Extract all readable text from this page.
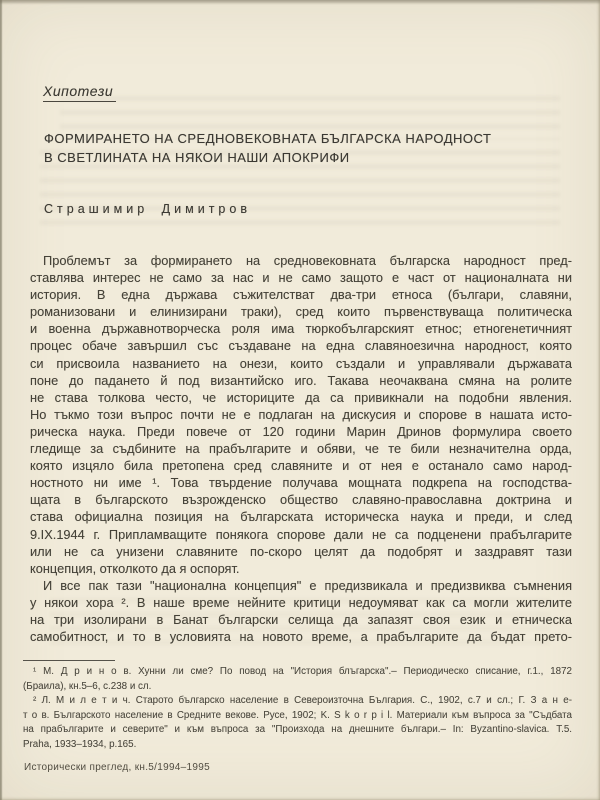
Хипотези
ФОРМИРАНЕТО НА СРЕДНОВЕКОВНАТА БЪЛГАРСКА НАРОДНОСТ
В СВЕТЛИНАТА НА НЯКОИ НАШИ АПОКРИФИ
Страшимир Димитров
Проблемът за формирането на средновековната българска народност пред-
ставлява интерес не само за нас и не само защото е част от националната ни
история. В една държава съжителстват два-три етноса (българи, славяни,
романизовани и елинизирани траки), сред които първенствуваща политическа
и военна държавнотворческа роля има тюркобългарският етнос; етногенетичният
процес обаче завършил със създаване на една славяноезична народност, която
си присвоила названието на онези, които създали и управлявали държавата
поне до падането й под византийско иго. Такава неочаквана смяна на ролите
не става толкова често, че историците да са привикнали на подобни явления.
Но тъкмо този въпрос почти не е подлаган на дискусия и спорове в нашата исто-
рическа наука. Преди повече от 120 години Марин Дринов формулира своето
гледище за съдбините на прабългарите и обяви, че те били незначителна орда,
която изцяло била претопена сред славяните и от нея е останало само народ-
ностното ни име ¹. Това твърдение получава мощната подкрепа на господства-
щата в българското възрожденско общество славяно-православна доктрина и
става официална позиция на българската историческа наука и преди, и след
9.IX.1944 г. Припламващите понякога спорове дали не са подценени прабългарите
или не са унизени славяните по-скоро целят да подобрят и заздравят тази
концепция, отколкото да я оспорят.
И все пак тази "национална концепция" е предизвикала и предизвиква съмнения
у някои хора ². В наше време нейните критици недоумяват как са могли жителите
на три изолирани в Банат български селища да запазят своя език и етническа
самобитност, и то в условията на новото време, а прабългарите да бъдат прето-
¹ М. Д р и н о в. Хунни ли сме? По повод на "История блъгарска".– Периодическо списание, г.1., 1872
(Браила), кн.5–6, с.238 и сл.
² Л. М и л е т и ч. Старото българско население в Североизточна България. С., 1902, с.7 и сл.; Г. З а н е-
т о в. Българското население в Средните векове. Русе, 1902; K. S k o r p i l. Материали към въпроса за "Съдбата
на прабългарите и северите" и към въпроса за "Произхода на днешните българи.– In: Byzantino-slavica. Т.5.
Praha, 1933–1934, p.165.
Исторически преглед, кн.5/1994–1995
